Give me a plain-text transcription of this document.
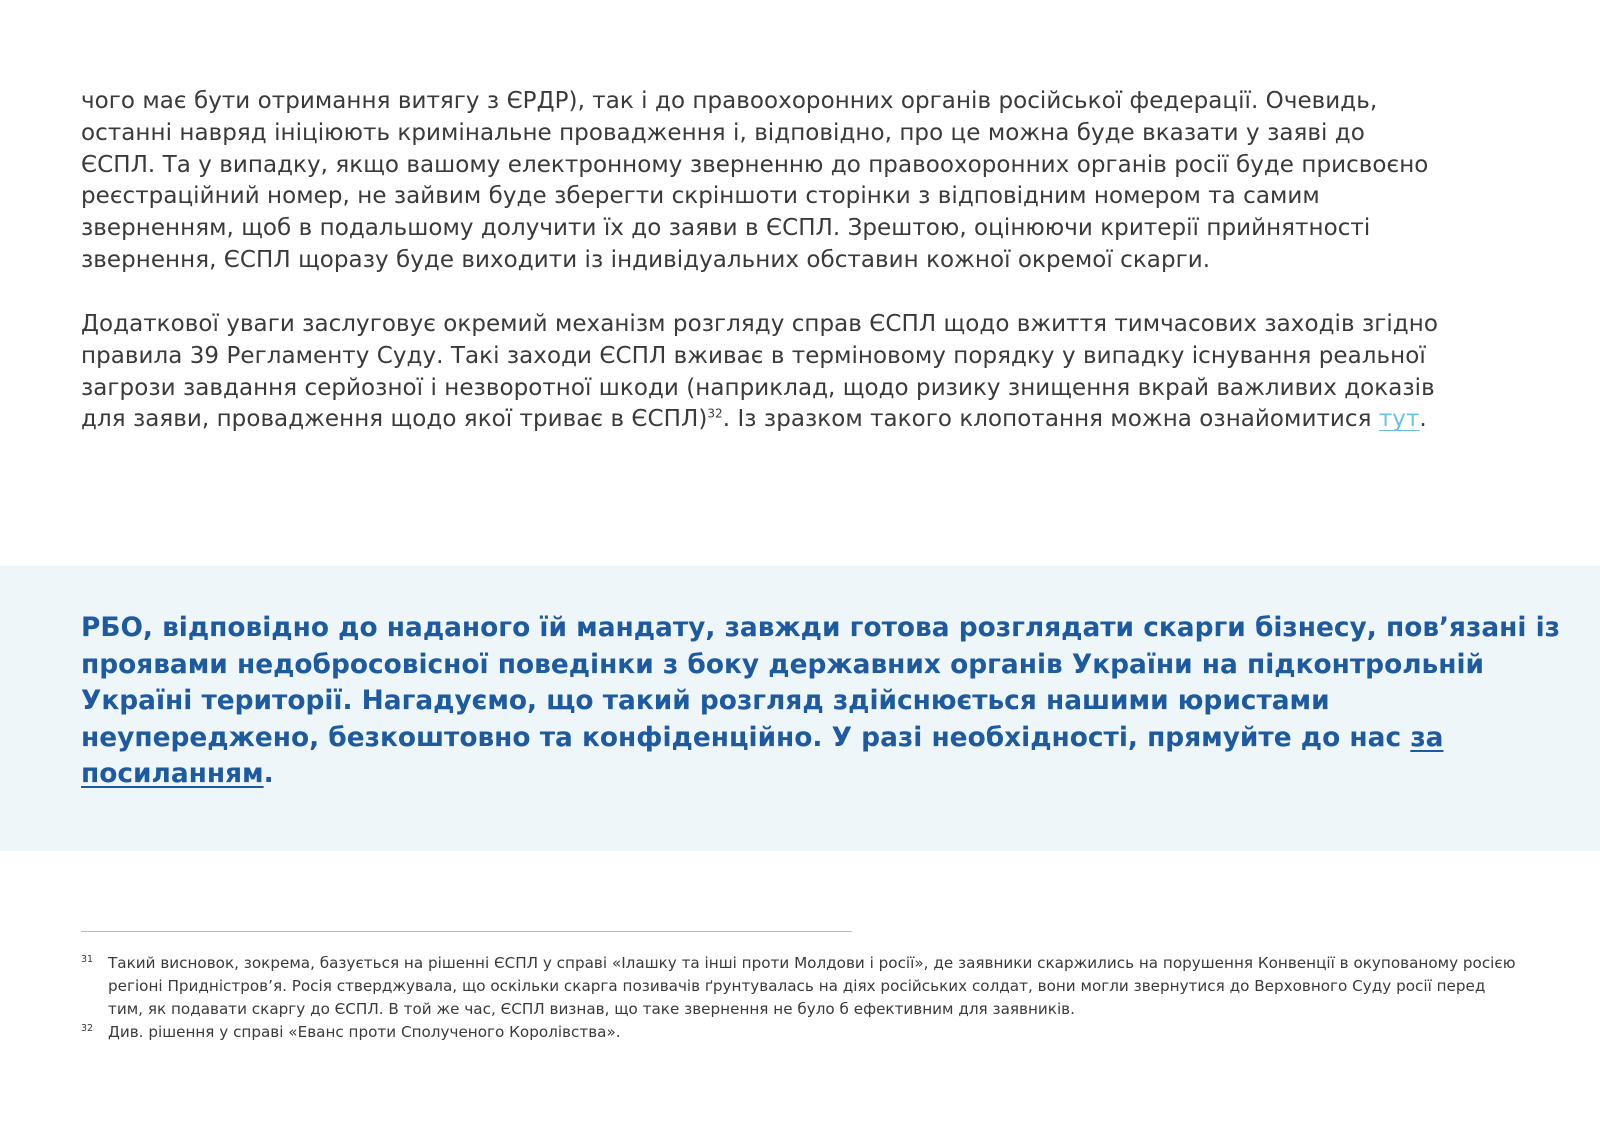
чого має бути отримання витягу з ЄРДР), так і до правоохоронних органів російської федерації. Очевидь,
останні навряд ініціюють кримінальне провадження і, відповідно, про це можна буде вказати у заяві до
ЄСПЛ. Та у випадку, якщо вашому електронному зверненню до правоохоронних органів росії буде присвоєно
реєстраційний номер, не зайвим буде зберегти скріншоти сторінки з відповідним номером та самим
зверненням, щоб в подальшому долучити їх до заяви в ЄСПЛ. Зрештою, оцінюючи критерії прийнятності
звернення, ЄСПЛ щоразу буде виходити із індивідуальних обставин кожної окремої скарги.
Додаткової уваги заслуговує окремий механізм розгляду справ ЄСПЛ щодо вжиття тимчасових заходів згідно
правила 39 Регламенту Суду. Такі заходи ЄСПЛ вживає в терміновому порядку у випадку існування реальної
загрози завдання серйозної і незворотної шкоди (наприклад, щодо ризику знищення вкрай важливих доказів
для заяви, провадження щодо якої триває в ЄСПЛ)$^{32}$. Із зразком такого клопотання можна ознайомитися тут.

РБО, відповідно до наданого їй мандату, завжди готова розглядати скарги бізнесу, пов’язані із проявами недобросовісної поведінки з боку державних органів України на підконтрольній Україні території. Нагадуємо, що такий розгляд здійснюється нашими юристами неупереджено, безкоштовно та конфіденційно. У разі необхідності, прямуйте до нас за посиланням.

31 Такий висновок, зокрема, базується на рішенні ЄСПЛ у справі «Ілашку та інші проти Молдови і росії», де заявники скаржились на порушення Конвенції в окупованому росією регіоні Придністров’я. Росія стверджувала, що оскільки скарга позивачів ґрунтувалась на діях російських солдат, вони могли звернутися до Верховного Суду росії перед тим, як подавати скаргу до ЄСПЛ. В той же час, ЄСПЛ визнав, що таке звернення не було б ефективним для заявників.
32 Див. рішення у справі «Еванс проти Сполученого Королівства».
